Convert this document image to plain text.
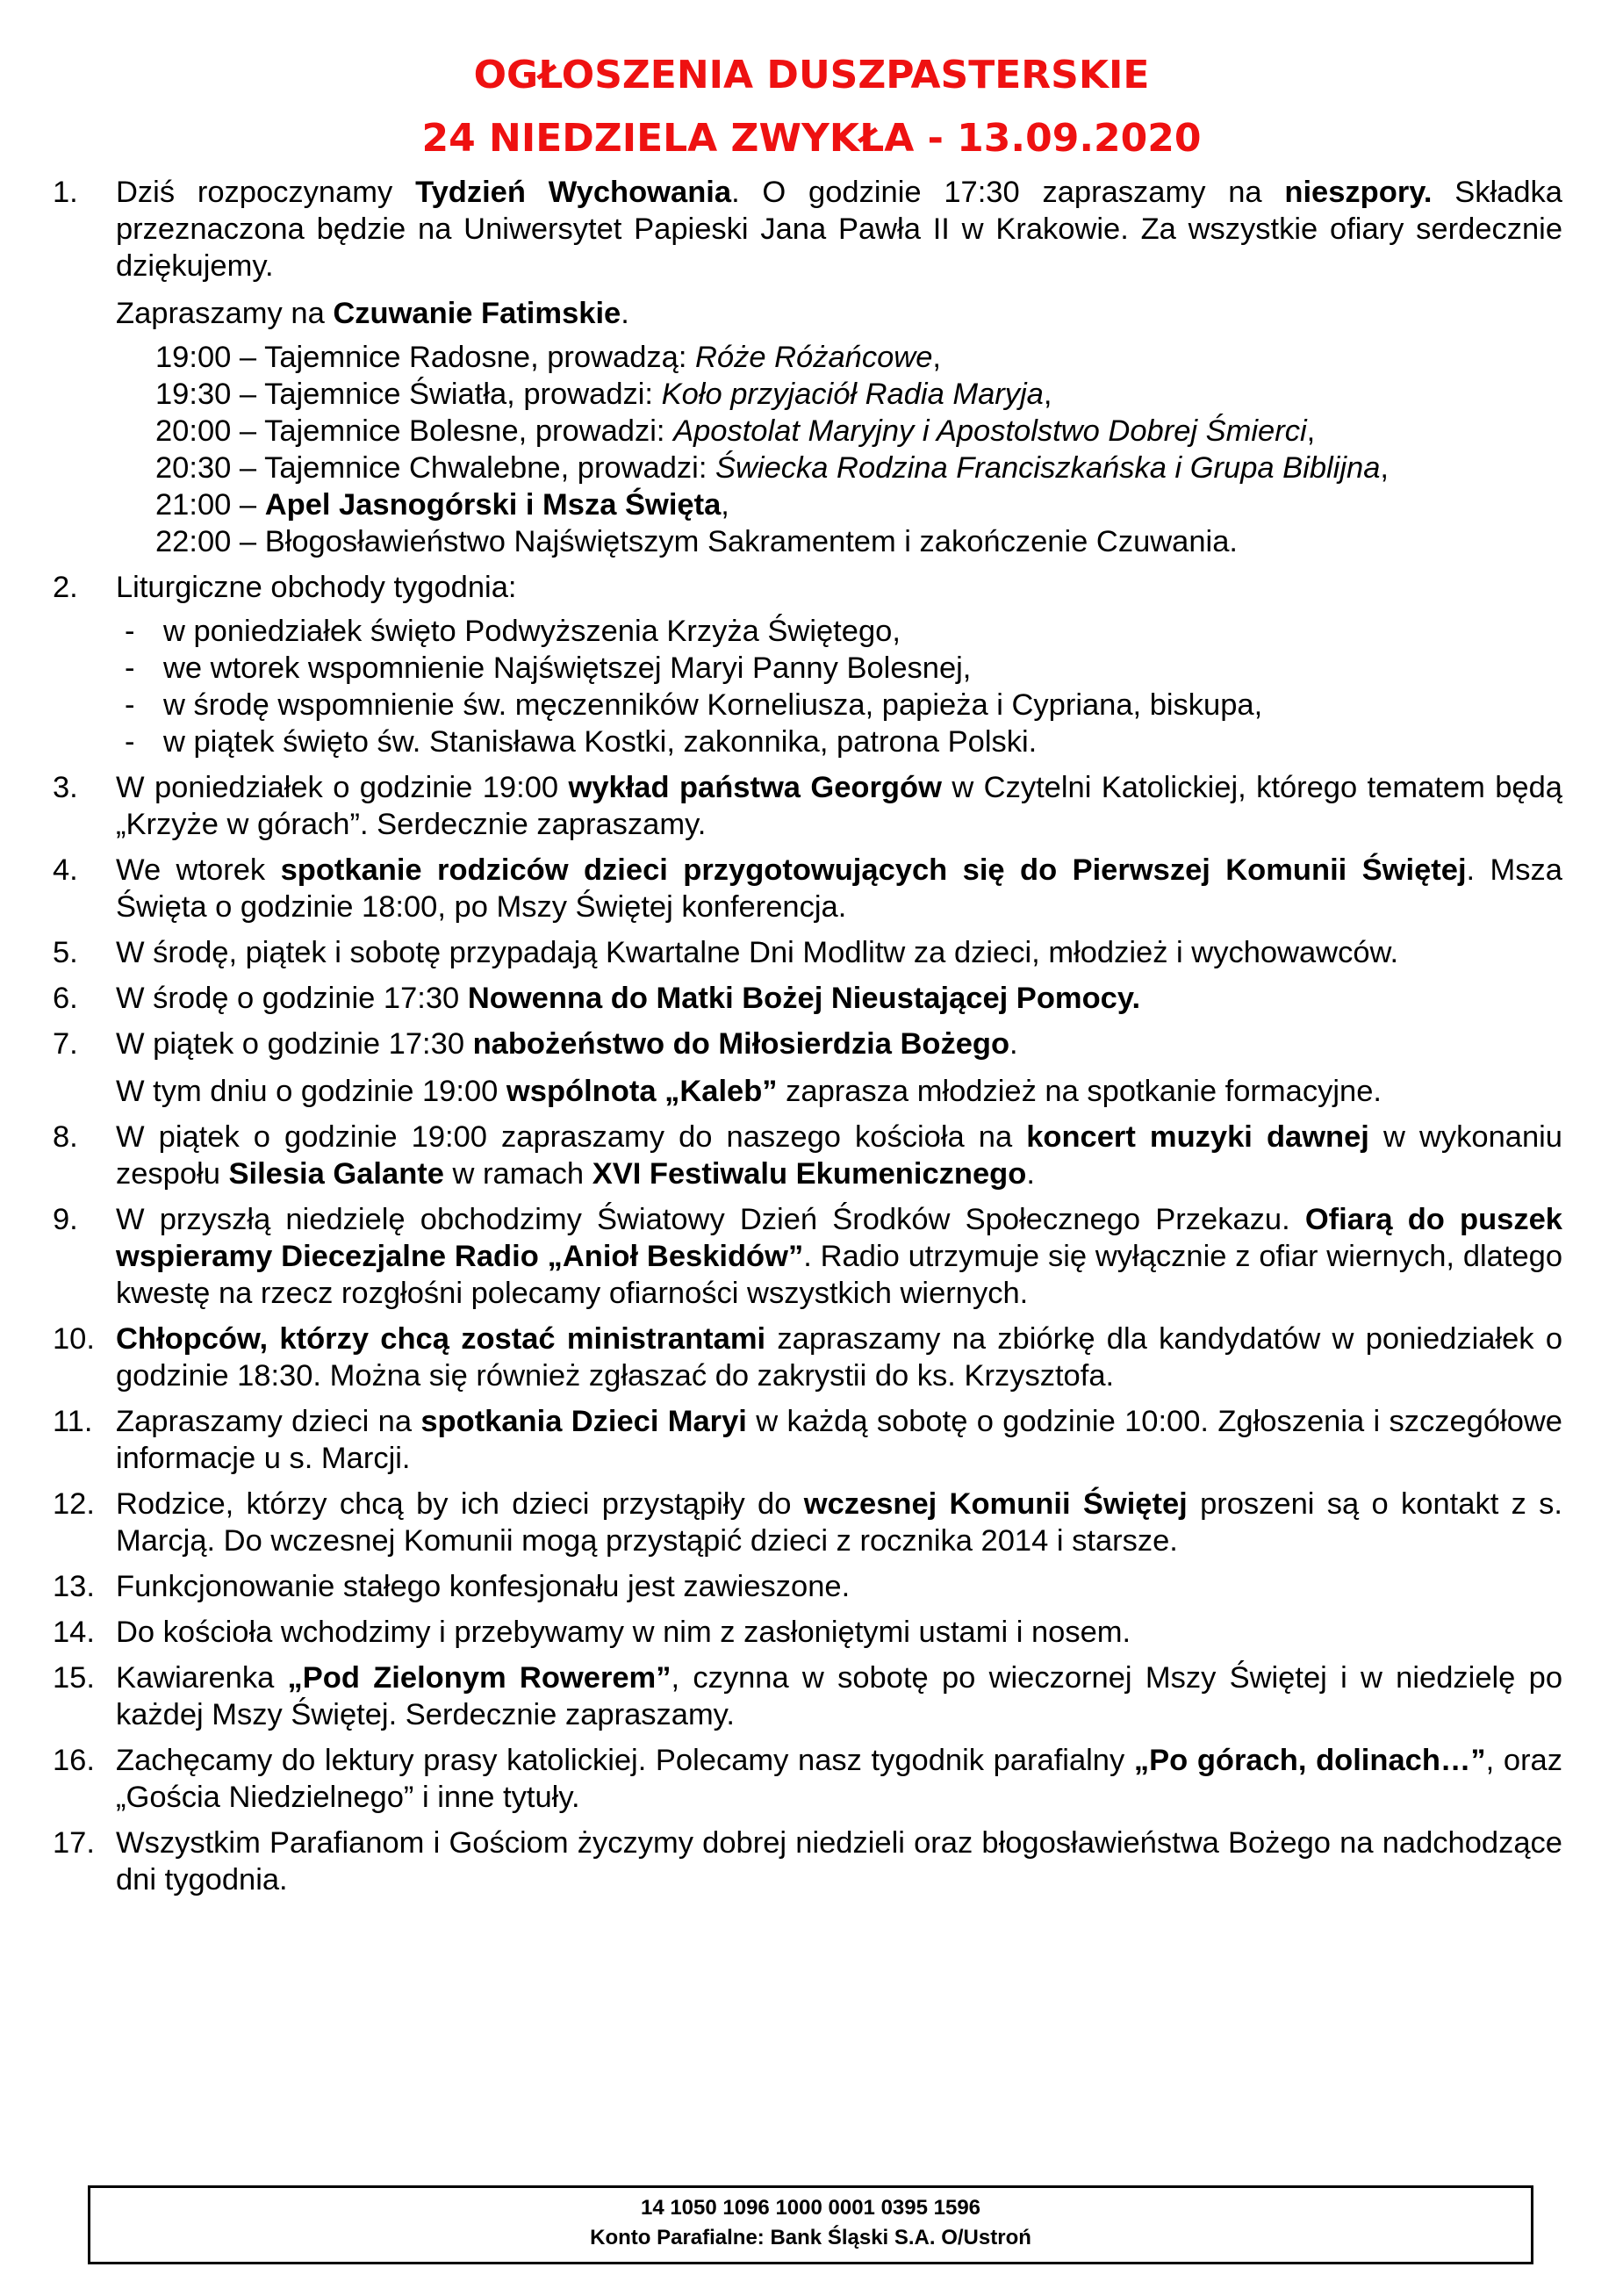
OGŁOSZENIA DUSZPASTERSKIE
24 NIEDZIELA ZWYKŁA - 13.09.2020
1.	Dziś rozpoczynamy Tydzień Wychowania. O godzinie 17:30 zapraszamy na nieszpory. Składka przeznaczona będzie na Uniwersytet Papieski Jana Pawła II w Krakowie. Za wszystkie ofiary serdecznie dziękujemy.
Zapraszamy na Czuwanie Fatimskie.
19:00 – Tajemnice Radosne, prowadzą: Róże Różańcowe,
19:30 – Tajemnice Światła, prowadzi: Koło przyjaciół Radia Maryja,
20:00 – Tajemnice Bolesne, prowadzi: Apostolat Maryjny i Apostolstwo Dobrej Śmierci,
20:30 – Tajemnice Chwalebne, prowadzi: Świecka Rodzina Franciszkańska i Grupa Biblijna,
21:00 – Apel Jasnogórski i Msza Święta,
22:00 – Błogosławieństwo Najświętszym Sakramentem i zakończenie Czuwania.
2.	Liturgiczne obchody tygodnia:
- w poniedziałek święto Podwyższenia Krzyża Świętego,
- we wtorek wspomnienie Najświętszej Maryi Panny Bolesnej,
- w środę wspomnienie św. męczenników Korneliusza, papieża i Cypriana, biskupa,
- w piątek święto św. Stanisława Kostki, zakonnika, patrona Polski.
3.	W poniedziałek o godzinie 19:00 wykład państwa Georgów w Czytelni Katolickiej, którego tematem będą „Krzyże w górach”. Serdecznie zapraszamy.
4.	We wtorek spotkanie rodziców dzieci przygotowujących się do Pierwszej Komunii Świętej. Msza Święta o godzinie 18:00, po Mszy Świętej konferencja.
5.	W środę, piątek i sobotę przypadają Kwartalne Dni Modlitw za dzieci, młodzież i wychowawców.
6.	W środę o godzinie 17:30 Nowenna do Matki Bożej Nieustającej Pomocy.
7.	W piątek o godzinie 17:30 nabożeństwo do Miłosierdzia Bożego.
W tym dniu o godzinie 19:00 wspólnota „Kaleb” zaprasza młodzież na spotkanie formacyjne.
8.	W piątek o godzinie 19:00 zapraszamy do naszego kościoła na koncert muzyki dawnej w wykonaniu zespołu Silesia Galante w ramach XVI Festiwalu Ekumenicznego.
9.	W przyszłą niedzielę obchodzimy Światowy Dzień Środków Społecznego Przekazu. Ofiarą do puszek wspieramy Diecezjalne Radio „Anioł Beskidów”. Radio utrzymuje się wyłącznie z ofiar wiernych, dlatego kwestę na rzecz rozgłośni polecamy ofiarności wszystkich wiernych.
10. Chłopców, którzy chcą zostać ministrantami zapraszamy na zbiórkę dla kandydatów w poniedziałek o godzinie 18:30. Można się również zgłaszać do zakrystii do ks. Krzysztofa.
11. Zapraszamy dzieci na spotkania Dzieci Maryi w każdą sobotę o godzinie 10:00. Zgłoszenia i szczegółowe informacje u s. Marcji.
12. Rodzice, którzy chcą by ich dzieci przystąpiły do wczesnej Komunii Świętej proszeni są o kontakt z s. Marcją. Do wczesnej Komunii mogą przystąpić dzieci z rocznika 2014 i starsze.
13. Funkcjonowanie stałego konfesjonału jest zawieszone.
14. Do kościoła wchodzimy i przebywamy w nim z zasłoniętymi ustami i nosem.
15. Kawiarenka „Pod Zielonym Rowerem”, czynna w sobotę po wieczornej Mszy Świętej i w niedzielę po każdej Mszy Świętej. Serdecznie zapraszamy.
16. Zachęcamy do lektury prasy katolickiej. Polecamy nasz tygodnik parafialny „Po górach, dolinach…”, oraz „Gościa Niedzielnego” i inne tytuły.
17. Wszystkim Parafianom i Gościom życzymy dobrej niedzieli oraz błogosławieństwa Bożego na nadchodzące dni tygodnia.
14 1050 1096 1000 0001 0395 1596
Konto Parafialne: Bank Śląski S.A. O/Ustroń
